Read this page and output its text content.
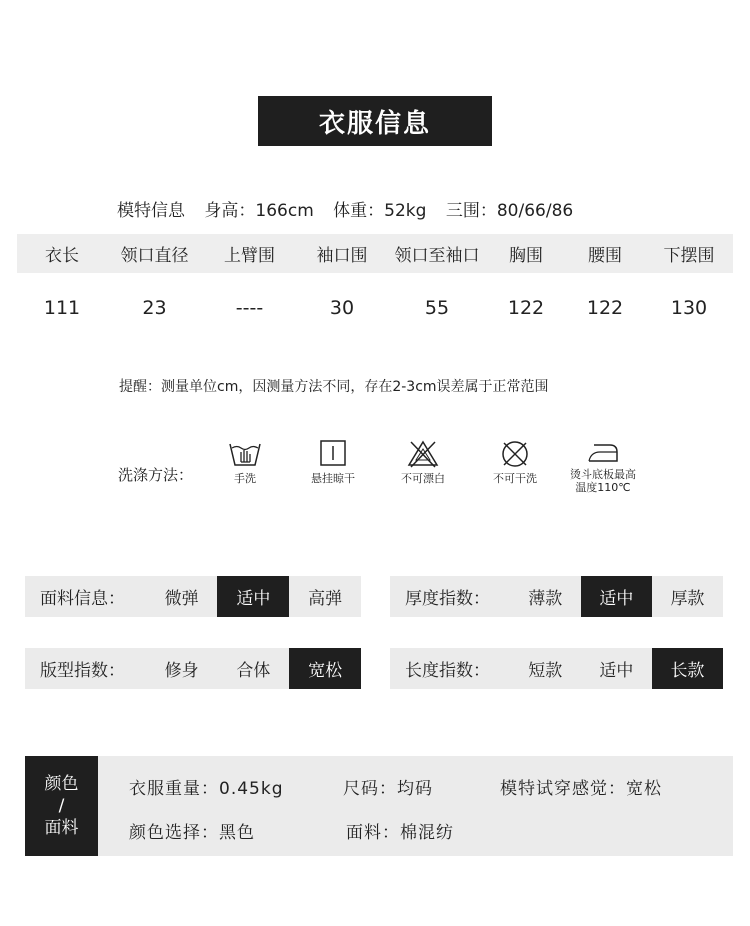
衣服信息
模特信息 身高：166cm 体重：52kg 三围：80/66/86
衣长	领口直径	上臂围	袖口围	领口至袖口	胸围	腰围	下摆围
111	23	----	30	55	122	122	130
提醒：测量单位cm，因测量方法不同，存在2-3cm误差属于正常范围
洗涤方法：	手洗	悬挂晾干	不可漂白	不可干洗	烫斗底板最高
温度110℃
面料信息：	微弹	适中	高弹	厚度指数：	薄款	适中	厚款
版型指数：	修身	合体	宽松	长度指数：	短款	适中	长款
颜色
/
面料
衣服重量：0.45kg	尺码：均码	模特试穿感觉：宽松
颜色选择：黑色	面料：棉混纺
